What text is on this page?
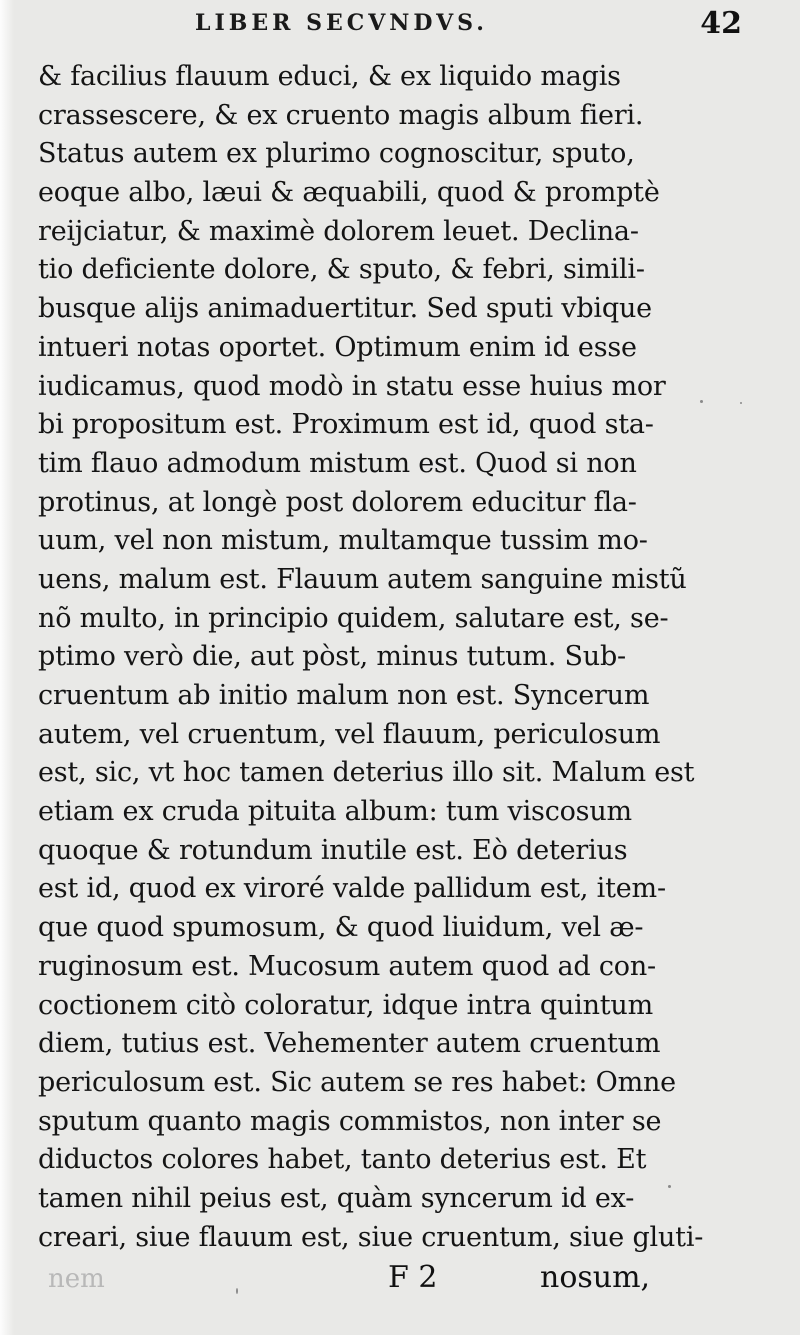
LIBER SECVNDVS.	42
& facilius flauum educi, & ex liquido magis
crassescere, & ex cruento magis album fieri.
Status autem ex plurimo cognoscitur, sputo,
eoque albo, læui & æquabili, quod & promptè
reijciatur, & maximè dolorem leuet. Declina-
tio deficiente dolore, & sputo, & febri, simili-
busque alijs animaduertitur. Sed sputi vbique
intueri notas oportet. Optimum enim id esse
iudicamus, quod modò in statu esse huius mor
bi propositum est. Proximum est id, quod sta-
tim flauo admodum mistum est. Quod si non
protinus, at longè post dolorem educitur fla-
uum, vel non mistum, multamque tussim mo-
uens, malum est. Flauum autem sanguine mistũ
nõ multo, in principio quidem, salutare est, se-
ptimo verò die, aut pòst, minus tutum. Sub-
cruentum ab initio malum non est. Syncerum
autem, vel cruentum, vel flauum, periculosum
est, sic, vt hoc tamen deterius illo sit. Malum est
etiam ex cruda pituita album: tum viscosum
quoque & rotundum inutile est. Eò deterius
est id, quod ex viroré valde pallidum est, item-
que quod spumosum, & quod liuidum, vel æ-
ruginosum est. Mucosum autem quod ad con-
coctionem citò coloratur, idque intra quintum
diem, tutius est. Vehementer autem cruentum
periculosum est. Sic autem se res habet: Omne
sputum quanto magis commistos, non inter se
diductos colores habet, tanto deterius est. Et
tamen nihil peius est, quàm syncerum id ex-
creari, siue flauum est, siue cruentum, siue gluti-
nem	F 2	nosum,
